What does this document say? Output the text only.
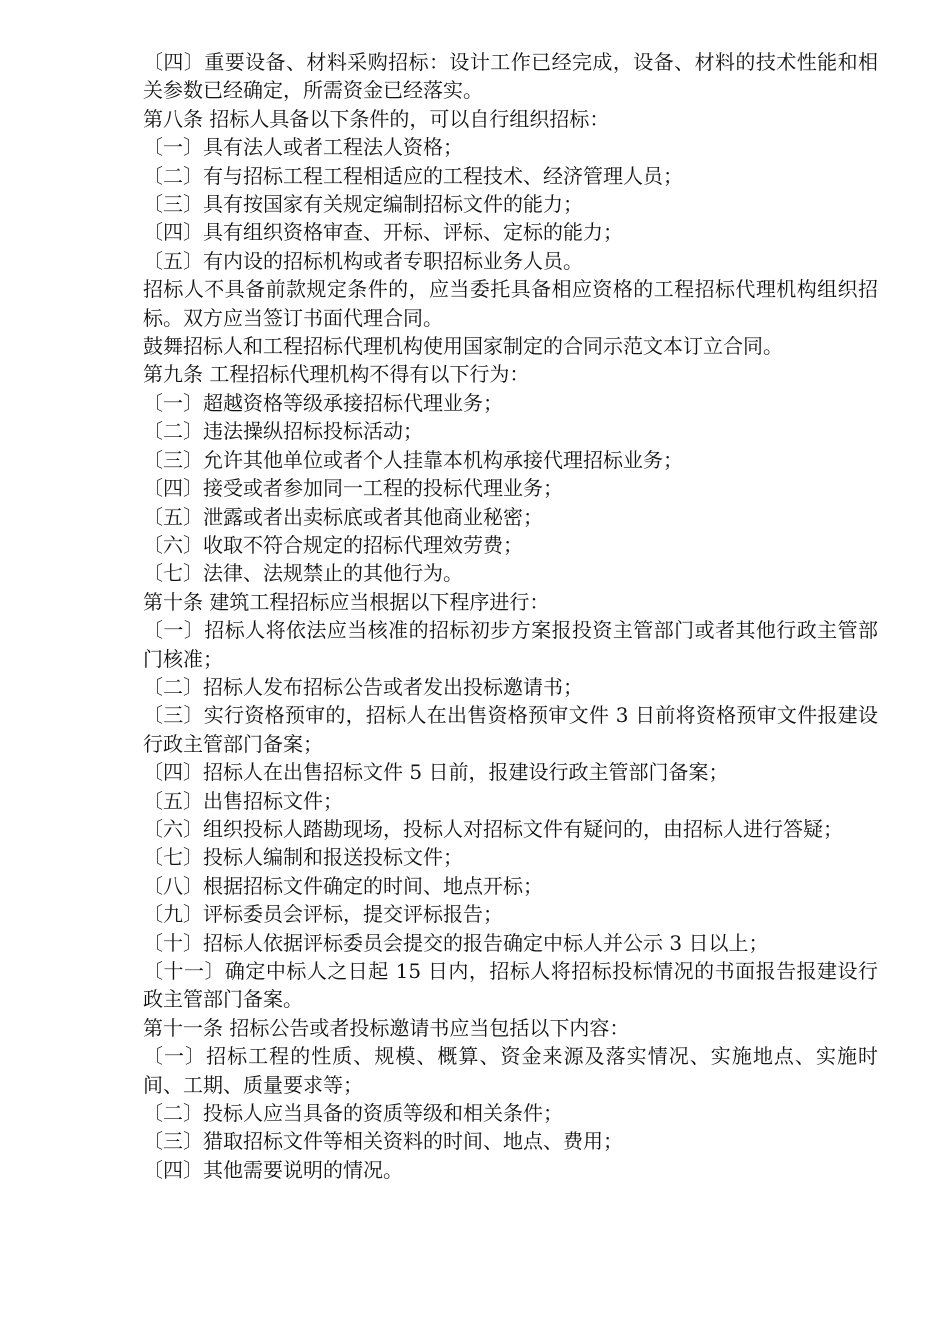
〔四〕重要设备、材料采购招标：设计工作已经完成，设备、材料的技术性能和相关参数已经确定，所需资金已经落实。

第八条 招标人具备以下条件的，可以自行组织招标：

〔一〕具有法人或者工程法人资格；

〔二〕有与招标工程工程相适应的工程技术、经济管理人员；

〔三〕具有按国家有关规定编制招标文件的能力；

〔四〕具有组织资格审查、开标、评标、定标的能力；

〔五〕有内设的招标机构或者专职招标业务人员。

招标人不具备前款规定条件的，应当委托具备相应资格的工程招标代理机构组织招标。双方应当签订书面代理合同。

鼓舞招标人和工程招标代理机构使用国家制定的合同示范文本订立合同。

第九条 工程招标代理机构不得有以下行为：

〔一〕超越资格等级承接招标代理业务；

〔二〕违法操纵招标投标活动；

〔三〕允许其他单位或者个人挂靠本机构承接代理招标业务；

〔四〕接受或者参加同一工程的投标代理业务；

〔五〕泄露或者出卖标底或者其他商业秘密；

〔六〕收取不符合规定的招标代理效劳费；

〔七〕法律、法规禁止的其他行为。

第十条 建筑工程招标应当根据以下程序进行：

〔一〕招标人将依法应当核准的招标初步方案报投资主管部门或者其他行政主管部门核准；

〔二〕招标人发布招标公告或者发出投标邀请书；

〔三〕实行资格预审的，招标人在出售资格预审文件 3 日前将资格预审文件报建设行政主管部门备案；

〔四〕招标人在出售招标文件 5 日前，报建设行政主管部门备案；

〔五〕出售招标文件；

〔六〕组织投标人踏勘现场，投标人对招标文件有疑问的，由招标人进行答疑；

〔七〕投标人编制和报送投标文件；

〔八〕根据招标文件确定的时间、地点开标；

〔九〕评标委员会评标，提交评标报告；

〔十〕招标人依据评标委员会提交的报告确定中标人并公示 3 日以上；

〔十一〕确定中标人之日起 15 日内，招标人将招标投标情况的书面报告报建设行政主管部门备案。

第十一条 招标公告或者投标邀请书应当包括以下内容：

〔一〕招标工程的性质、规模、概算、资金来源及落实情况、实施地点、实施时间、工期、质量要求等；

〔二〕投标人应当具备的资质等级和相关条件；

〔三〕猎取招标文件等相关资料的时间、地点、费用；

〔四〕其他需要说明的情况。
